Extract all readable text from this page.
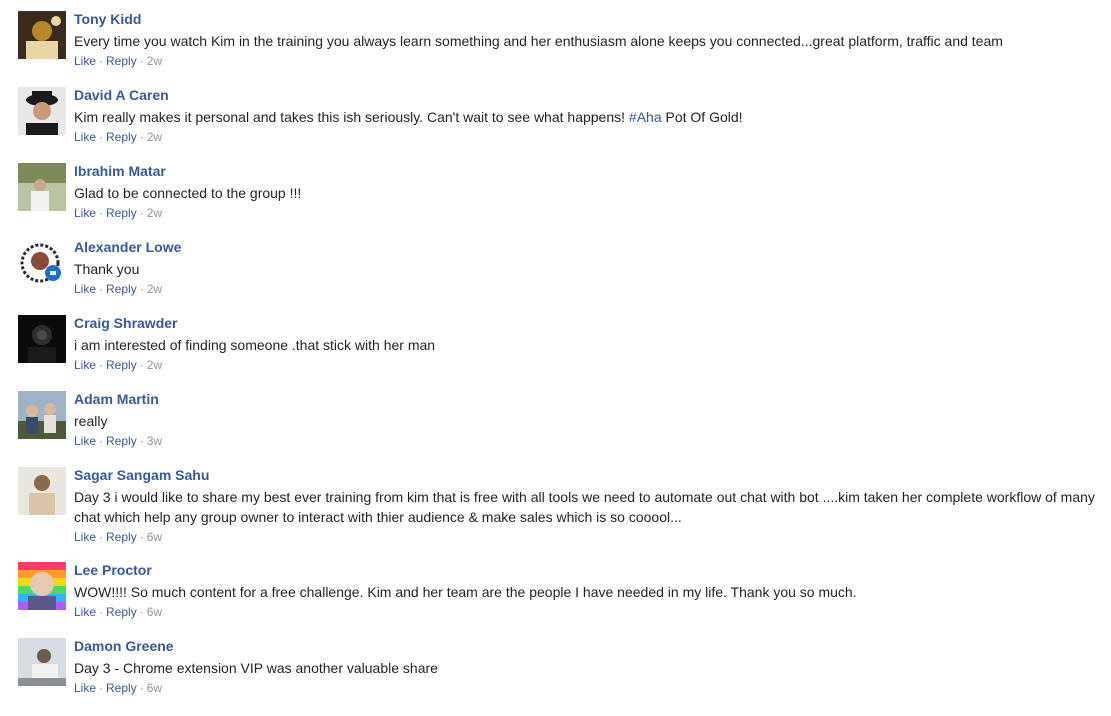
Tony Kidd
Every time you watch Kim in the training you always learn something and her enthusiasm alone keeps you connected...great platform, traffic and team
Like · Reply · 2w
David A Caren
Kim really makes it personal and takes this ish seriously. Can't wait to see what happens! #Aha Pot Of Gold!
Like · Reply · 2w
Ibrahim Matar
Glad to be connected to the group !!!
Like · Reply · 2w
Alexander Lowe
Thank you
Like · Reply · 2w
Craig Shrawder
i am interested of finding someone .that stick with her man
Like · Reply · 2w
Adam Martin
really
Like · Reply · 3w
Sagar Sangam Sahu
Day 3 i would like to share my best ever training from kim that is free with all tools we need to automate out chat with bot ....kim taken her complete workflow of many chat which help any group owner to interact with thier audience & make sales which is so cooool...
Like · Reply · 6w
Lee Proctor
WOW!!!! So much content for a free challenge. Kim and her team are the people I have needed in my life. Thank you so much.
Like · Reply · 6w
Damon Greene
Day 3 - Chrome extension VIP was another valuable share
Like · Reply · 6w
